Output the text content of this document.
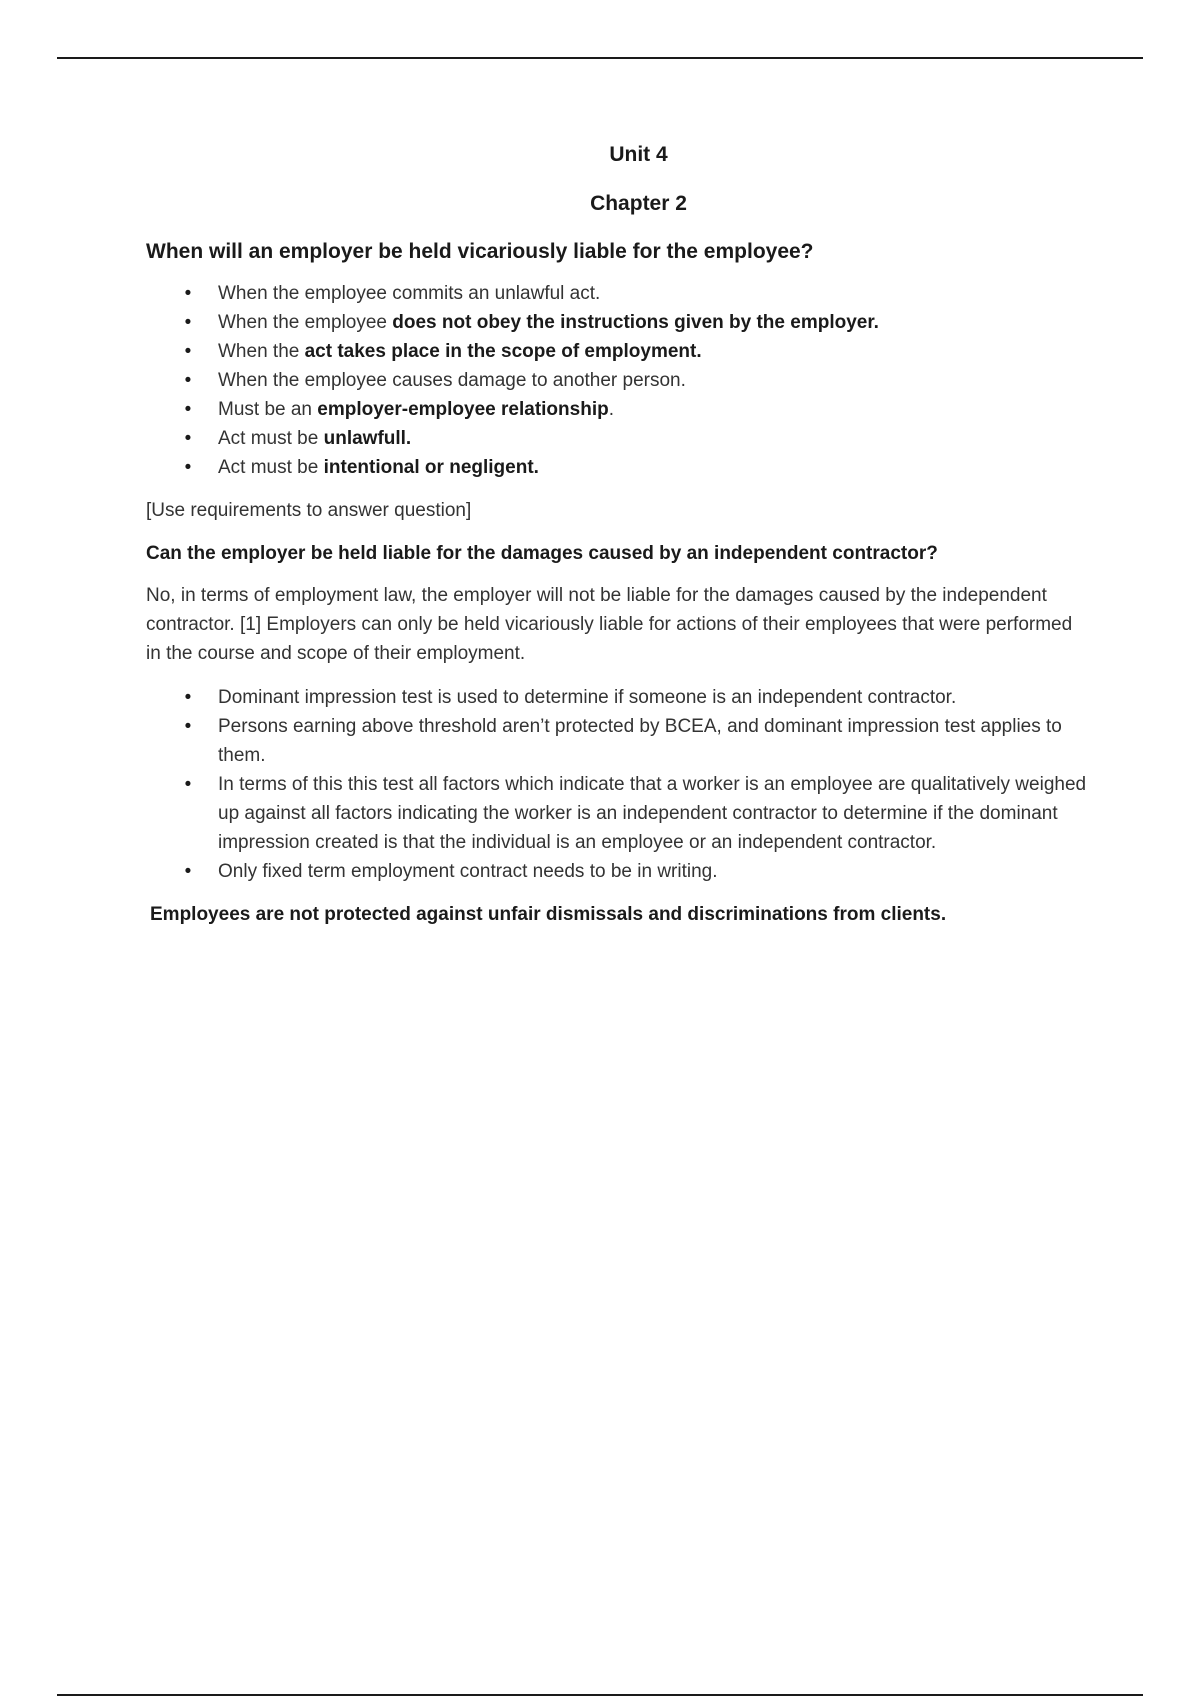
Unit 4

Chapter 2

When will an employer be held vicariously liable for the employee?

• When the employee commits an unlawful act.
• When the employee does not obey the instructions given by the employer.
• When the act takes place in the scope of employment.
• When the employee causes damage to another person.
• Must be an employer-employee relationship.
• Act must be unlawfull.
• Act must be intentional or negligent.

[Use requirements to answer question]

Can the employer be held liable for the damages caused by an independent contractor?

No, in terms of employment law, the employer will not be liable for the damages caused by the independent contractor. [1] Employers can only be held vicariously liable for actions of their employees that were performed in the course and scope of their employment.

• Dominant impression test is used to determine if someone is an independent contractor.
• Persons earning above threshold aren’t protected by BCEA, and dominant impression test applies to them.
• In terms of this this test all factors which indicate that a worker is an employee are qualitatively weighed up against all factors indicating the worker is an independent contractor to determine if the dominant impression created is that the individual is an employee or an independent contractor.
• Only fixed term employment contract needs to be in writing.

Employees are not protected against unfair dismissals and discriminations from clients.
